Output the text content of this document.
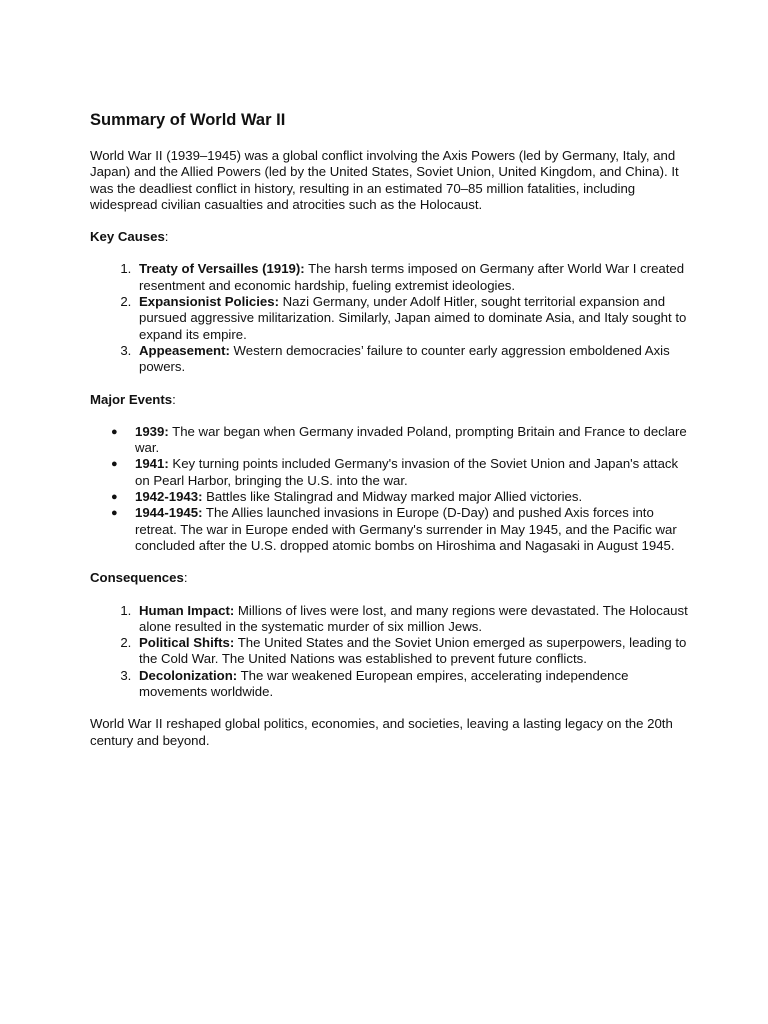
Summary of World War II

World War II (1939–1945) was a global conflict involving the Axis Powers (led by Germany, Italy, and Japan) and the Allied Powers (led by the United States, Soviet Union, United Kingdom, and China). It was the deadliest conflict in history, resulting in an estimated 70–85 million fatalities, including widespread civilian casualties and atrocities such as the Holocaust.

Key Causes:

1. Treaty of Versailles (1919): The harsh terms imposed on Germany after World War I created resentment and economic hardship, fueling extremist ideologies.
2. Expansionist Policies: Nazi Germany, under Adolf Hitler, sought territorial expansion and pursued aggressive militarization. Similarly, Japan aimed to dominate Asia, and Italy sought to expand its empire.
3. Appeasement: Western democracies’ failure to counter early aggression emboldened Axis powers.

Major Events:

● 1939: The war began when Germany invaded Poland, prompting Britain and France to declare war.
● 1941: Key turning points included Germany's invasion of the Soviet Union and Japan's attack on Pearl Harbor, bringing the U.S. into the war.
● 1942-1943: Battles like Stalingrad and Midway marked major Allied victories.
● 1944-1945: The Allies launched invasions in Europe (D-Day) and pushed Axis forces into retreat. The war in Europe ended with Germany's surrender in May 1945, and the Pacific war concluded after the U.S. dropped atomic bombs on Hiroshima and Nagasaki in August 1945.

Consequences:

1. Human Impact: Millions of lives were lost, and many regions were devastated. The Holocaust alone resulted in the systematic murder of six million Jews.
2. Political Shifts: The United States and the Soviet Union emerged as superpowers, leading to the Cold War. The United Nations was established to prevent future conflicts.
3. Decolonization: The war weakened European empires, accelerating independence movements worldwide.

World War II reshaped global politics, economies, and societies, leaving a lasting legacy on the 20th century and beyond.
